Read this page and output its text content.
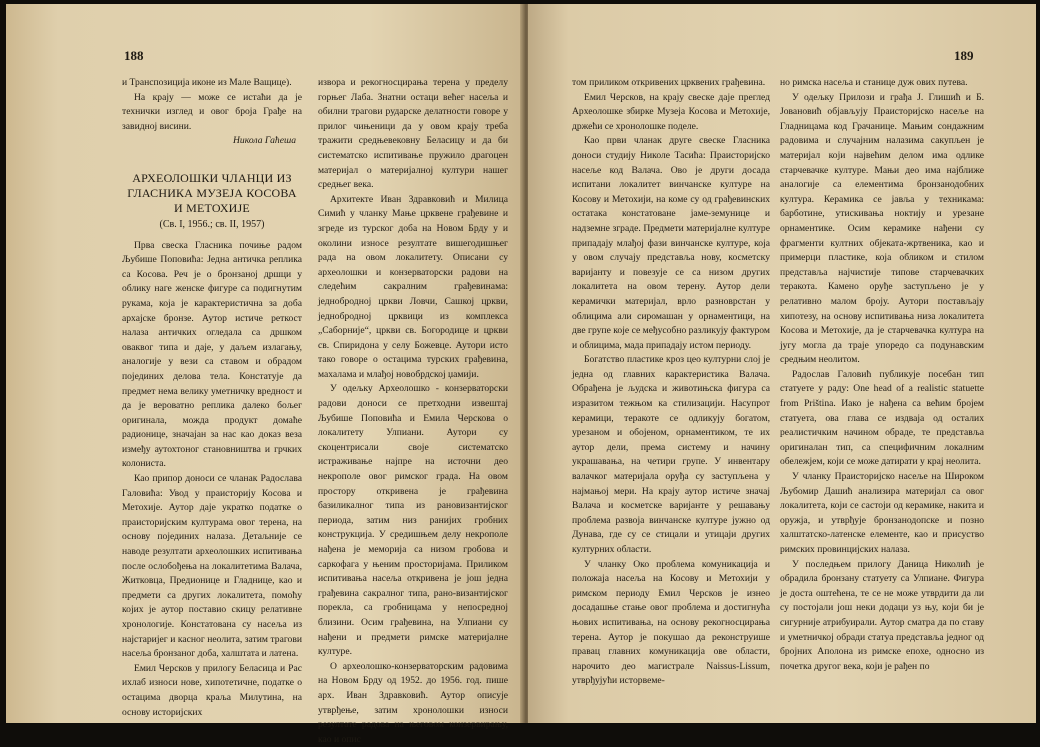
188

и Транспозиција иконе из Мале Ващице).

На крају — може се истаћи да је технички изглед и овог броја Грађе на завидној висини.

Никола Гаћеша
АРХЕОЛОШКИ ЧЛАНЦИ ИЗ ГЛАСНИКА МУЗЕЈА КОСОВА И МЕТОХИЈЕ
(Св. I, 1956.; св. II, 1957)

Прва свеска Гласника почиње радом Љубише Поповића: Једна античка реплика са Косова. Реч је о бронзаној дршци у облику наге женске фигуре са подигнутим рукама, која је карактеристична за доба архајске бронзе. Аутор истиче реткост налаза античких огледала са дршком оваквог типа и даје, у даљем излагању, аналогије у вези са ставом и обрадом појединих делова тела. Констатује да предмет нема велику уметничку вредност и да је вероватно реплика далеко бољег оригинала, можда продукт домаће радионице, значајан за нас као доказ веза између аутохтоног становништва и грчких колониста.

Као припор доноси се чланак Радослава Галовића: Увод у праисторију Косова и Метохије. Аутор даје укратко податке о праисторијским културама овог терена, на основу појединих налаза. Детаљније се наводе резултати археолошких испитивања после ослобођења на локалитетима Валача, Житковца, Предионице и Гладнице, као и предмети са других локалитета, помоћу којих је аутор поставио скицу релативне хронологије. Констатована су насеља из најстаријег и касног неолита, затим трагови насеља бронзаног доба, халштата и латена.

Емил Черсков у прилогу Беласица и Рас ихлаб износи нове, хипотетичне, податке о остацима дворца краља Милутина, на основу историјских

извора и рекогносцирања терена у пределу горњег Лаба. Знатни остаци већег насеља и обилни трагови рударске делатности говоре у прилог чињеници да у овом крају треба тражити средњевековну Беласицу и да би систематско испитивање пружило драгоцен материјал о материјалној култури нашег средњег века.

Архитекте Иван Здравковић и Милица Симић у чланку Мање црквене грађевине и згреде из турског доба на Новом Брду у и околини износе резултате вишегодишњег рада на овом локалитету. Описани су археолошки и конзерваторски радови на следећим сакралним грађевинама: једнобродној цркви Ловчи, Сашкој цркви, једнобродној црквици из комплекса „Саборније“, цркви св. Богородице и цркви св. Спиридона у селу Божевце. Аутори исто тако говоре о остацима турских грађевина, махалама и млађој новобрдској џамији.

У одељку Археолошко - конзерваторски радови доноси се претходни извештај Љубише Поповића и Емила Черскова о локалитету Улпиани. Аутори су скоцентрисали своје систематско истраживање најпре на источни део некрополе овог римског града. На овом простору откривена је грађевина базиликалног типа из рановизантијског периода, затим низ ранијих гробних конструкција. У средишњем делу некрополе нађена је меморија са низом гробова и саркофага у њеним просторијама. Приликом испитивања насеља откривена је још једна грађевина сакралног типа, рано-византијског порекла, са гробницама у непосредној близини. Осим грађевина, на Улпиани су нађени и предмети римске материјалне културе.

О археолошко-конзерваторским радовима на Новом Брду од 1952. до 1956. год. пише арх. Иван Здравковић. Аутор описује утврђење, затим хронолошки износи резултате радова на његовом конзервирању, као и опис

189

том приликом откривених црквених грађевина.

Емил Черсков, на крају свеске даје преглед Археолошке збирке Музеја Косова и Метохије, држећи се хронолошке поделе.

Као први чланак друге свеске Гласника доноси студију Николе Тасића: Праисторијско насеље код Валача. Ово је други досада испитани локалитет винчанске културе на Косову и Метохији, на коме су од грађевинских остатака констатоване јаме-земунице и надземне зграде. Предмети материјалне културе припадају млађој фази винчанске културе, која у овом случају представља нову, косметску варијанту и повезује се са низом других локалитета на овом терену. Аутор дели керамички материјал, врло разноврстан у облицима али сиромашан у орнаментици, на две групе које се међусобно разликују фактуром и облицима, мада припадају истом периоду.

Богатство пластике кроз цео културни слој је једна од главних карактеристика Валача. Обрађена је људска и животињска фигура са изразитом тежњом ка стилизацији. Насупрот керамици, теракоте се одликују богатом, урезаном и обојеном, орнаментиком, те их аутор дели, према систему и начину украшавања, на четири групе. У инвентару валачког материјала оруђа су заступљена у најмањој мери. На крају аутор истиче значај Валача и косметске варијанте у решавању проблема развоја винчанске културе јужно од Дунава, где су се стицали и утицаји других културних области.

У чланку Око проблема комуникација и положаја насеља на Косову и Метохији у римском периоду Емил Черсков је изнео досадашње стање овог проблема и достигнућа њових испитивања, на основу рекогносцирања терена. Аутор је покушао да реконструише правац главних комуникација ове области, нарочито део магистрале Naissus-Lissum, утврђујући исторвеме-

но римска насеља и станице дуж овиx путева.

У одељку Прилози и грађа Ј. Глишић и Б. Јовановић објављују Праисторијско насеље на Гладницама код Грачанице. Мањим сондажним радовима и случајним налазима сакупљен је материјал који највећим делом има одлике старчевачке културе. Мањи део има најближе аналогије са елементима бронзанодобних култура. Керамика се јавља у техникама: барботине, утискивања ноктију и урезане орнаментике. Осим керамике нађени су фрагменти култних објеката-жртвеника, као и примерци пластике, која обликом и стилом представља најчистије типове старчевачких теракота. Камено оруђе заступљено је у релативно малом броју. Аутори постављају хипотезу, на основу испитивања низа локалитета Косова и Метохије, да је старчевачка култура на југу могла да траје упоредо са подунавским средњим неолитом.

Радослав Галовић публикује посебан тип статуете у раду: One head of a realistic statuette from Priština. Иако је нађена са већим бројем статуета, ова глава се издваја од осталих реалистичким начином обраде, те представља оригиналан тип, са специфичним локалним обележјем, који се може датирати у крај неолита.

У чланку Праисторијско насеље на Широком Љубомир Дашић анализира материјал са овог локалитета, који се састоји од керамике, накита и оружја, и утврђује бронзанодопске и позно халштатско-латенске елементе, као и присуство римских провинцијских налаза.

У последњем прилогу Даница Николић је обрадила бронзану статуету са Улпиане. Фигура је доста оштећена, те се не може утврдити да ли су постојали још неки додаци уз њу, који би је сигурније атрибуирали. Аутор сматра да по ставу и уметничкој обради статуа представља једног од бројних Аполона из римске епохе, односно из почетка другог века, који је рађен по
